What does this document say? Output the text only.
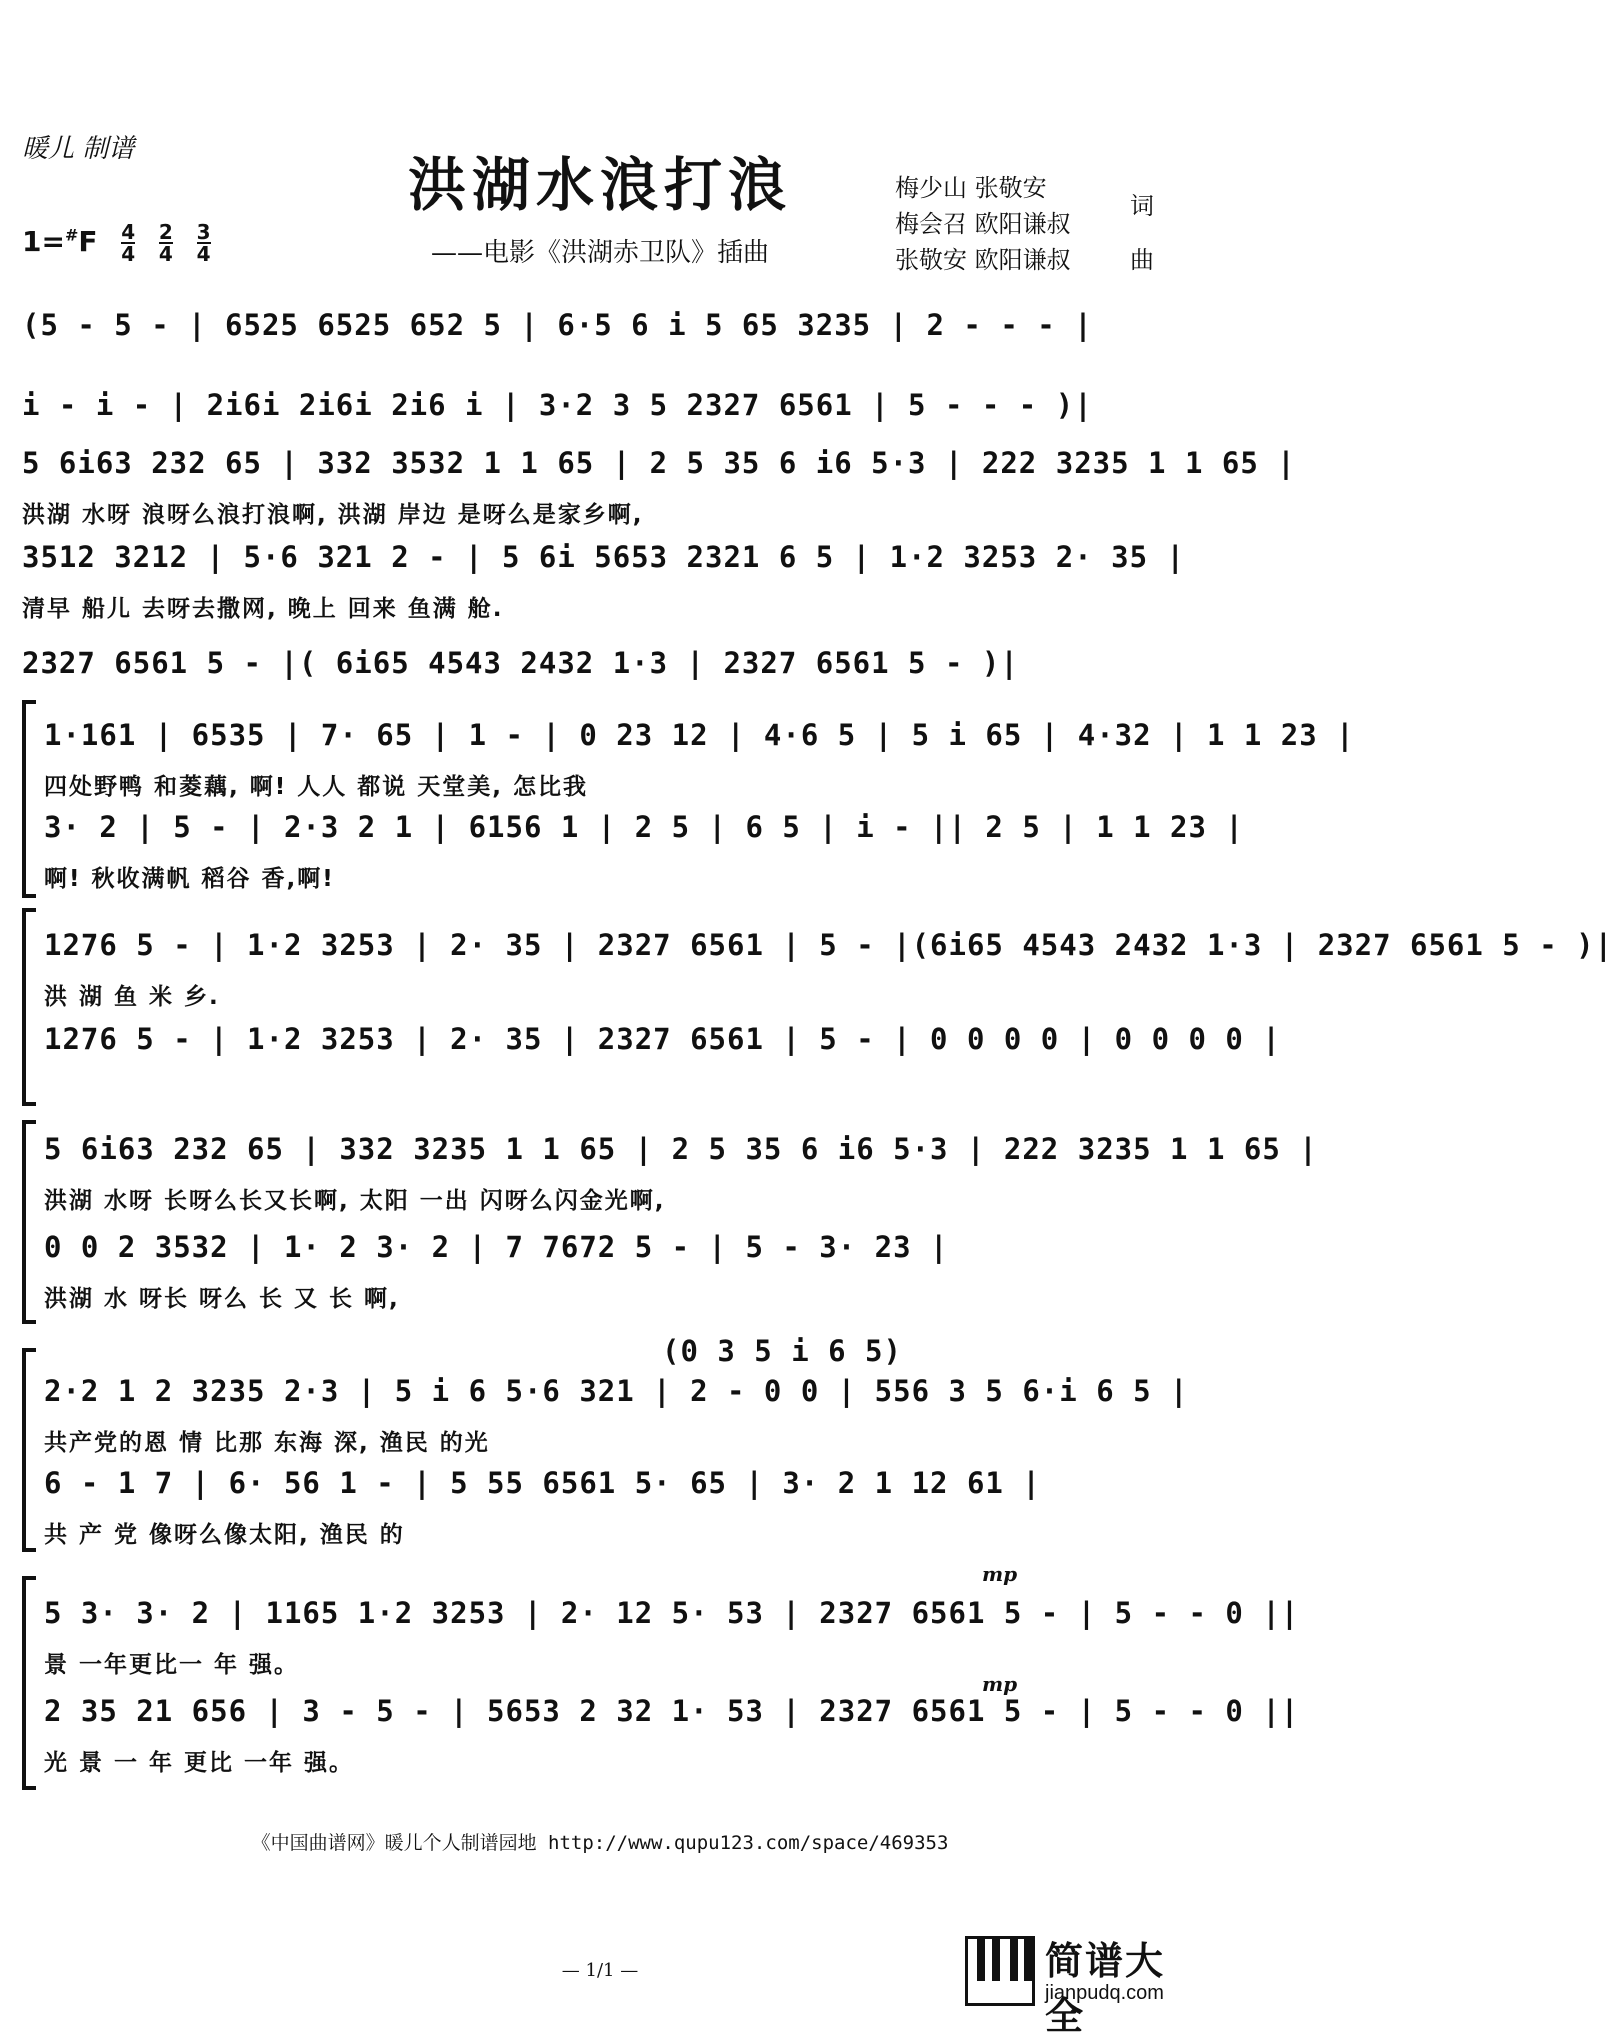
暖儿 制谱
洪湖水浪打浪
——电影《洪湖赤卫队》插曲
$1=^{\#}F \frac{4}{4}$
$\frac{2}{4}$
$\frac{3}{4}$
梅少山 张敬安
梅会召 欧阳谦叔
张敬安 欧阳谦叔
词
曲
(5 - 5 - | 6525 6525 652 5 | 6·5 6 i 5 65 3235 | 2 - - - |
i - i - | 2i6i 2i6i 2i6 i | 3·2 3 5 2327 6561 | 5 - - - )|
5 6i63 232 65 | 332 3532 1 1 65 | 2 5 35 6 i6 5·3 | 222 3235 1 1 65 |
洪湖 水呀 浪呀么浪打浪啊, 洪湖 岸边 是呀么是家乡啊,
3512 3212 | 5·6 321 2 - | 5 6i 5653 2321 6 5 | 1·2 3253 2· 35 |
清早 船儿 去呀去撒网, 晚上 回来 鱼满 舱.
2327 6561 5 - |( 6i65 4543 2432 1·3 | 2327 6561 5 - )|
1·161 | 6535 | 7· 65 | 1 - | 0 23 12 | 4·6 5 | 5 i 65 | 4·32 | 1 1 23 |
四处野鸭 和菱藕, 啊! 人人 都说 天堂美, 怎比我
3· 2 | 5 - | 2·3 2 1 | 6156 1 | 2 5 | 6 5 | i - || 2 5 | 1 1 23 |
啊! 秋收满帆 稻谷 香,啊!
1276 5 - | 1·2 3253 | 2· 35 | 2327 6561 | 5 - |(6i65 4543 2432 1·3 | 2327 6561 5 - )|
洪 湖 鱼 米 乡.
1276 5 - | 1·2 3253 | 2· 35 | 2327 6561 | 5 - | 0 0 0 0 | 0 0 0 0 |
5 6i63 232 65 | 332 3235 1 1 65 | 2 5 35 6 i6 5·3 | 222 3235 1 1 65 |
洪湖 水呀 长呀么长又长啊, 太阳 一出 闪呀么闪金光啊,
0 0 2 3532 | 1· 2 3· 2 | 7 7672 5 - | 5 - 3· 23 |
洪湖 水 呀长 呀么 长 又 长 啊,
(0 3 5 i 6 5)
2·2 1 2 3235 2·3 | 5 i 6 5·6 321 | 2 - 0 0 | 556 3 5 6·i 6 5 |
共产党的恩 情 比那 东海 深, 渔民 的光
6 - 1 7 | 6· 56 1 - | 5 55 6561 5· 65 | 3· 2 1 12 61 |
共 产 党 像呀么像太阳, 渔民 的
mp
5 3· 3· 2 | 1165 1·2 3253 | 2· 12 5· 53 | 2327 6561 5 - | 5 - - 0 ||
景 一年更比一 年 强。
mp
2 35 21 656 | 3 - 5 - | 5653 2 32 1· 53 | 2327 6561 5 - | 5 - - 0 ||
光 景 一 年 更比 一年 强。
《中国曲谱网》暖儿个人制谱园地 http://www.qupu123.com/space/469353
— 1/1 —	简谱大全
jianpudq.com
